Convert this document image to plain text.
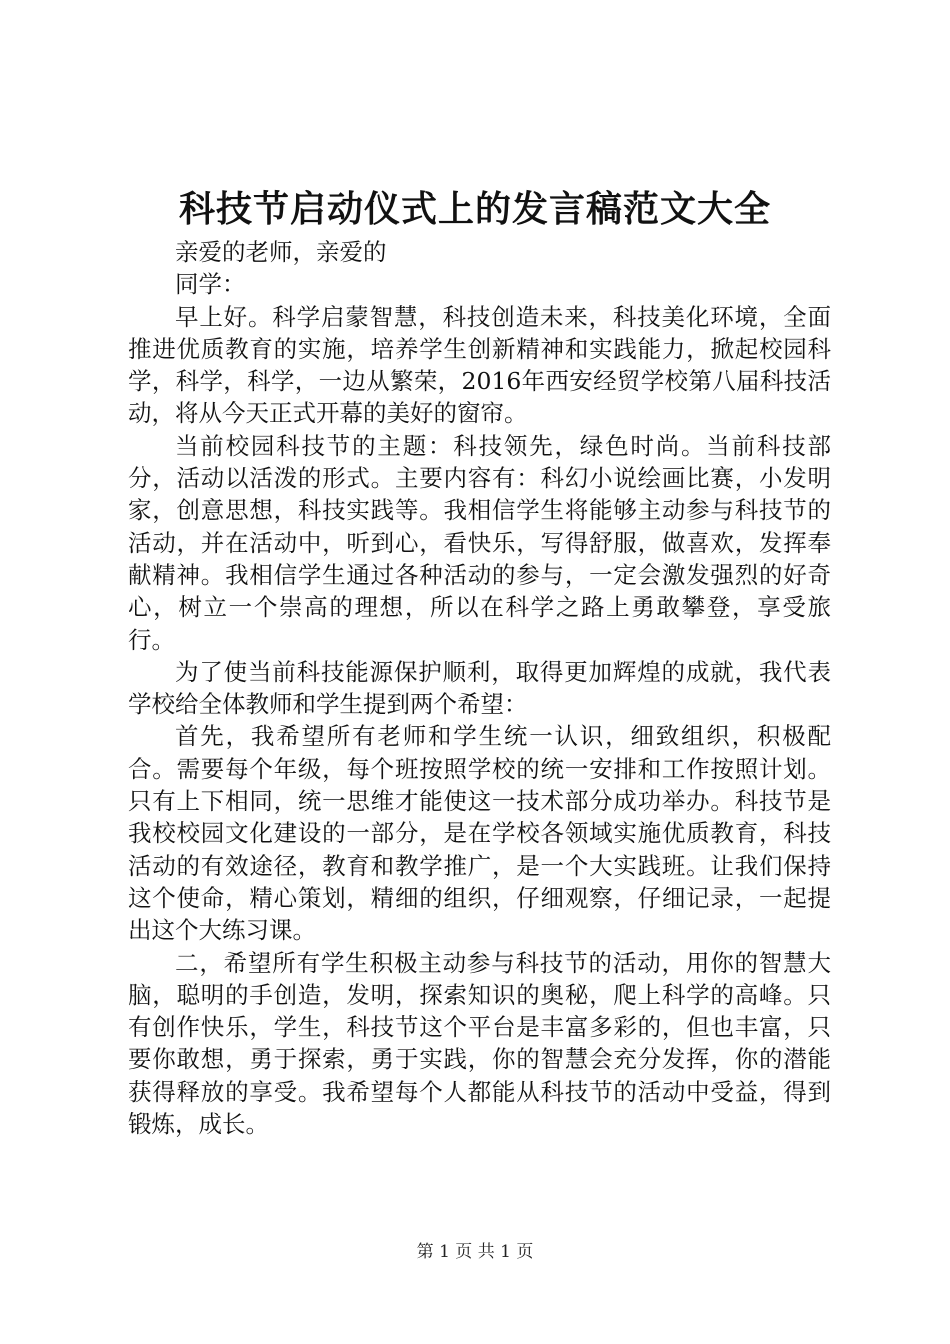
科技节启动仪式上的发言稿范文大全

亲爱的老师，亲爱的

同学：

早上好。科学启蒙智慧，科技创造未来，科技美化环境，全面推进优质教育的实施，培养学生创新精神和实践能力，掀起校园科学，科学，科学，一边从繁荣，2016年西安经贸学校第八届科技活动，将从今天正式开幕的美好的窗帘。

当前校园科技节的主题：科技领先，绿色时尚。当前科技部分，活动以活泼的形式。主要内容有：科幻小说绘画比赛，小发明家，创意思想，科技实践等。我相信学生将能够主动参与科技节的活动，并在活动中，听到心，看快乐，写得舒服，做喜欢，发挥奉献精神。我相信学生通过各种活动的参与，一定会激发强烈的好奇心，树立一个崇高的理想，所以在科学之路上勇敢攀登，享受旅行。

为了使当前科技能源保护顺利，取得更加辉煌的成就，我代表学校给全体教师和学生提到两个希望：

首先，我希望所有老师和学生统一认识，细致组织，积极配合。需要每个年级，每个班按照学校的统一安排和工作按照计划。只有上下相同，统一思维才能使这一技术部分成功举办。科技节是我校校园文化建设的一部分，是在学校各领域实施优质教育，科技活动的有效途径，教育和教学推广，是一个大实践班。让我们保持这个使命，精心策划，精细的组织，仔细观察，仔细记录，一起提出这个大练习课。

二，希望所有学生积极主动参与科技节的活动，用你的智慧大脑，聪明的手创造，发明，探索知识的奥秘，爬上科学的高峰。只有创作快乐，学生，科技节这个平台是丰富多彩的，但也丰富，只要你敢想，勇于探索，勇于实践，你的智慧会充分发挥，你的潜能获得释放的享受。我希望每个人都能从科技节的活动中受益，得到锻炼，成长。

第 1 页 共 1 页
